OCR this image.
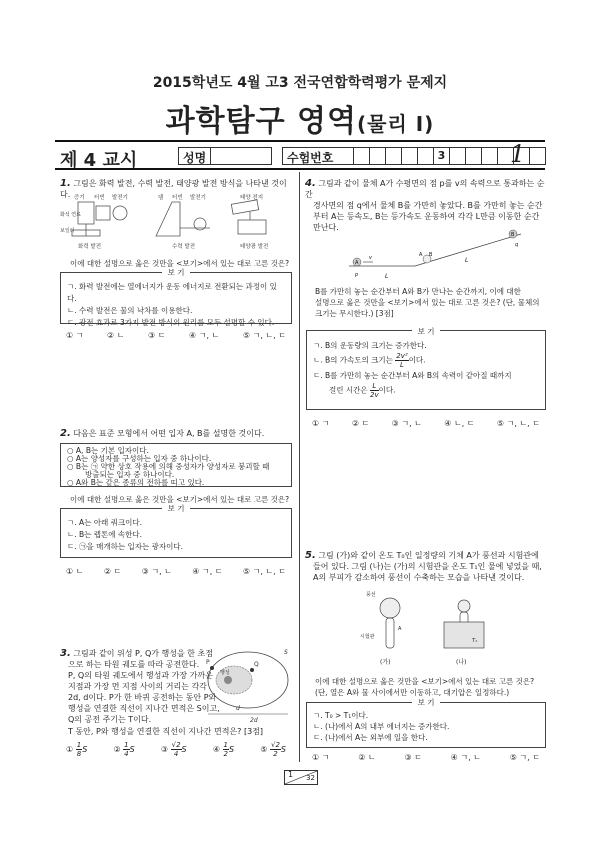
2015학년도 4월 고3 전국연합학력평가 문제지
과학탐구 영역(물리 Ⅰ)
제 4 교시	성명	수험번호	3	1
1. 그림은 화력 발전, 수력 발전, 태양광 발전 방식을 나타낸 것이다. 증기 터빈 발전기
화석 연료
보일러
댐 터빈 발전기	태양 전지
화력 발전	수력 발전	태양광 발전
이에 대한 설명으로 옳은 것만을 <보기>에서 있는 대로 고른 것은?
보 기
ㄱ. 화력 발전에는 열에너지가 운동 에너지로 전환되는 과정이 있다.
ㄴ. 수력 발전은 물의 낙차를 이용한다.
ㄷ. 광전 효과로 3가지 발전 방식의 원리를 모두 설명할 수 있다.
① ㄱ	② ㄴ	③ ㄷ	④ ㄱ, ㄴ	⑤ ㄱ, ㄴ, ㄷ
2. 다음은 표준 모형에서 어떤 입자 A, B를 설명한 것이다.
○ A, B는 기본 입자이다.
○ A는 양성자를 구성하는 입자 중 하나이다.
○ B는 ㉠ 약한 상호 작용에 의해 중성자가 양성자로 붕괴할 때
방출되는 입자 중 하나이다.
○ A와 B는 같은 종류의 전하를 띠고 있다.
이에 대한 설명으로 옳은 것만을 <보기>에서 있는 대로 고른 것은?
보 기
ㄱ. A는 아래 쿼크이다.
ㄴ. B는 렙톤에 속한다.
ㄷ. ㉠을 매개하는 입자는 광자이다.
① ㄴ	② ㄷ	③ ㄱ, ㄴ	④ ㄱ, ㄷ	⑤ ㄱ, ㄴ, ㄷ
3. 그림과 같이 위성 P, Q가 행성을 한 초점
으로 하는 타원 궤도를 따라 공전한다.
P, Q의 타원 궤도에서 행성과 가장 가까운
지점과 가장 먼 지점 사이의 거리는 각각
2d, d이다. P가 한 바퀴 공전하는 동안 P와
행성을 연결한 직선이 지나간 면적은 S이고,
Q의 공전 주기는 T이다.
P	Q
행성
S
d
2d
T 동안, P와 행성을 연결한 직선이 지나간 면적은? [3점]
① $\frac{1}{8}$ S	② $\frac{1}{4}$ S	③ $\frac{√2}{4}$ S	④ $\frac{1}{2}$ S	⑤ $\frac{√2}{2}$ S
4. 그림과 같이 물체 A가 수평면의 점 p를 v의 속력으로 통과하는 순간
경사면의 점 q에서 물체 B를 가만히 놓았다. B를 가만히 놓는 순간
부터 A는 등속도, B는 등가속도 운동하여 각각 L만큼 이동한 순간
만난다.
A
v
p
A B
q
B
L
L
B를 가만히 놓는 순간부터 A와 B가 만나는 순간까지, 이에 대한
설명으로 옳은 것만을 <보기>에서 있는 대로 고른 것은? (단, 물체의
크기는 무시한다.) [3점]
보 기
ㄱ. B의 운동량의 크기는 증가한다.
ㄴ. B의 가속도의 크기는 $\frac{\text{2v²}}{L}$ 이다.
ㄷ. B를 가만히 놓는 순간부터 A와 B의 속력이 같아질 때까지
걸린 시간은 $\frac{L}{2v}$ 이다.
① ㄱ	② ㄷ	③ ㄱ, ㄴ	④ ㄴ, ㄷ	⑤ ㄱ, ㄴ, ㄷ
5. 그림 (가)와 같이 온도 T₀인 일정량의 기체 A가 풍선과 시험관에
들어 있다. 그림 (나)는 (가)의 시험관을 온도 T₁인 물에 넣었을 때,
A의 부피가 감소하여 풍선이 수축하는 모습을 나타낸 것이다.
풍선
A
시험관
T₁
(가)	(나)
이에 대한 설명으로 옳은 것만을 <보기>에서 있는 대로 고른 것은?
(단, 열은 A와 물 사이에서만 이동하고, 대기압은 일정하다.)
보 기
ㄱ. T₀ > T₁이다.
ㄴ. (나)에서 A의 내부 에너지는 증가한다.
ㄷ. (나)에서 A는 외부에 일을 한다.
① ㄱ	② ㄴ	③ ㄷ	④ ㄱ, ㄴ	⑤ ㄱ, ㄷ
1 32
